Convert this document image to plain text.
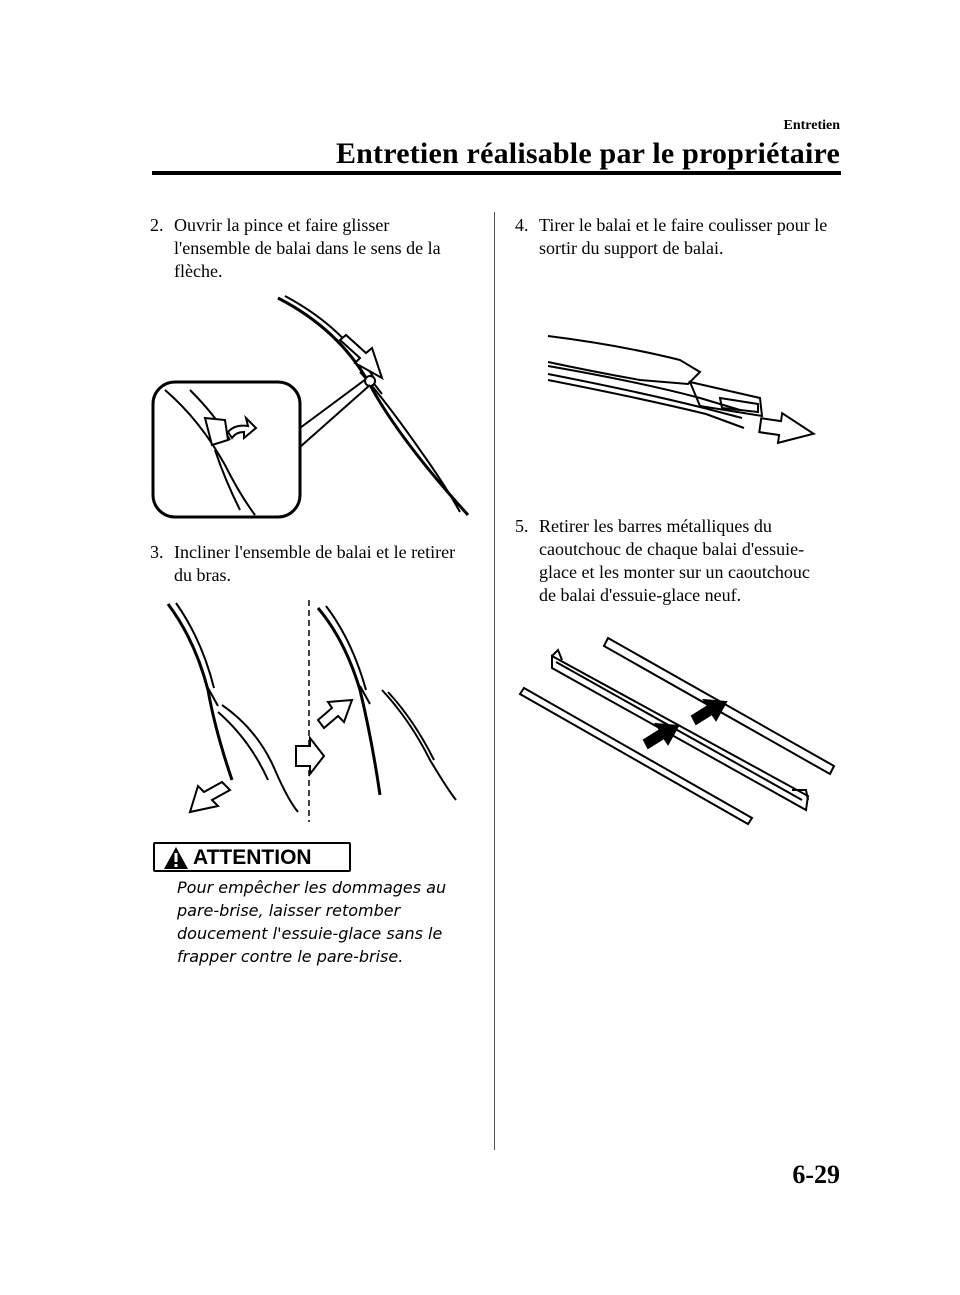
Entretien
Entretien réalisable par le propriétaire
2. Ouvrir la pince et faire glisser l'ensemble de balai dans le sens de la flèche.
3. Incliner l'ensemble de balai et le retirer du bras.
ATTENTION
Pour empêcher les dommages au pare-brise, laisser retomber doucement l'essuie-glace sans le frapper contre le pare-brise.
4. Tirer le balai et le faire coulisser pour le sortir du support de balai.
5. Retirer les barres métalliques du caoutchouc de chaque balai d'essuie-glace et les monter sur un caoutchouc de balai d'essuie-glace neuf.
6-29
